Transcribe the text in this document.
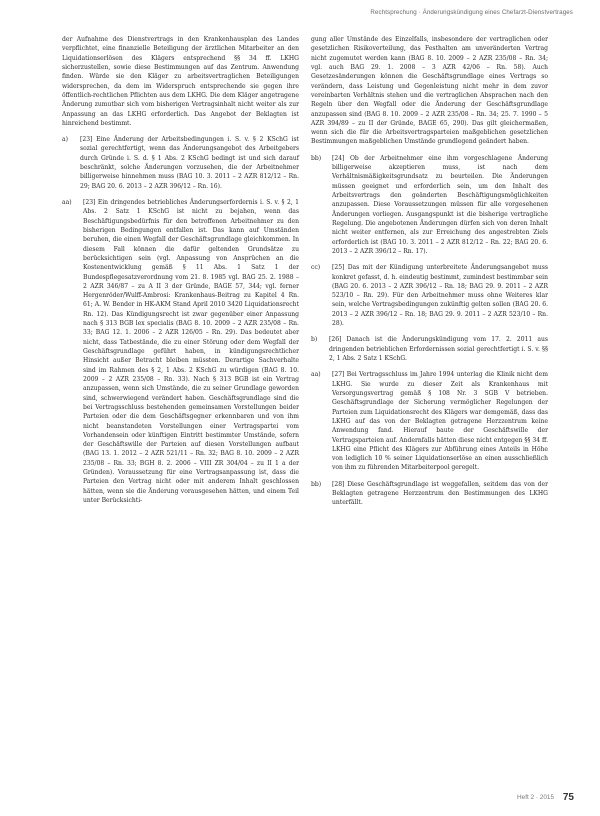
Rechtsprechung · Änderungskündigung eines Chefarzt-Dienstvertrages

der Aufnahme des Dienstvertrags in den Krankenhausplan des Landes verpflichtet, eine finanzielle Beteiligung der ärztlichen Mitarbeiter an den Liquidationserlösen des Klägers entsprechend §§ 34 ff. LKHG sicherzustellen, sowie diese Bestimmungen auf das Zentrum. Anwendung finden. Würde sie den Kläger zu arbeitsvertraglichen Beteiligungen widersprechen, da dem im Widerspruch entsprechende sie gegen ihre öffentlich-rechtlichen Pflichten aus dem LKHG. Die dem Kläger angetragene Änderung zumutbar sich vom bisherigen Vertragsinhalt nicht weiter als zur Anpassung an das LKHG erforderlich. Das Angebot der Beklagten ist hinreichend bestimmt.

a) [23] Eine Änderung der Arbeitsbedingungen i. S. v. § 2 KSchG ist sozial gerechtfertigt, wenn das Änderungsangebot des Arbeitgebers durch Gründe i. S. d. § 1 Abs. 2 KSchG bedingt ist und sich darauf beschränkt, solche Änderungen vorzusehen, die der Arbeitnehmer billigerweise hinnehmen muss (BAG 10. 3. 2011 – 2 AZR 812/12 – Rn. 29; BAG 20. 6. 2013 – 2 AZR 396/12 – Rn. 16).

aa) [23] Ein dringendes betriebliches Änderungserfordernis i. S. v. § 2, 1 Abs. 2 Satz 1 KSchG ist nicht zu bejahen, wenn das Beschäftigungsbedürfnis für den betroffenen Arbeitnehmer zu den bisherigen Bedingungen entfallen ist. Das kann auf Umständen beruhen, die einen Wegfall der Geschäftsgrundlage gleichkommen. In diesem Fall können die dafür geltenden Grundsätze zu berücksichtigen sein (vgl. Anpassung von Ansprüchen an die Kostenentwicklung gemäß § 11 Abs. 1 Satz 1 der Bundespflegesatzverordnung vom 21. 8. 1985 vgl. BAG 25. 2. 1988 – 2 AZR 346/87 – zu A II 3 der Gründe, BAGE 57, 344; vgl. ferner Hergenröder/Wulff-Ambrosi: Krankenhaus-Beitrag zu Kapitel 4 Rn. 61; A. W. Bender in HK-AKM Stand April 2010 3420 Liquidationsrecht Rn. 12). Das Kündigungsrecht ist zwar gegenüber einer Anpassung nach § 313 BGB lex specialis (BAG 8. 10. 2009 – 2 AZR 235/08 – Rn. 33; BAG 12. 1. 2006 – 2 AZR 126/05 – Rn. 29). Das bedeutet aber nicht, dass Tatbestände, die zu einer Störung oder dem Wegfall der Geschäftsgrundlage geführt haben, in kündigungsrechtlicher Hinsicht außer Betracht bleiben müssten. Derartige Sachverhalte sind im Rahmen des § 2, 1 Abs. 2 KSchG zu würdigen (BAG 8. 10. 2009 – 2 AZR 235/08 – Rn. 33). Nach § 313 BGB ist ein Vertrag anzupassen, wenn sich Umstände, die zu seiner Grundlage geworden sind, schwerwiegend verändert haben. Geschäftsgrundlage sind die bei Vertragsschluss bestehenden gemeinsamen Vorstellungen beider Parteien oder die dem Geschäftsgegner erkennbaren und von ihm nicht beanstandeten Vorstellungen einer Vertragspartei vom Vorhandensein oder künftigen Eintritt bestimmter Umstände, sofern der Geschäftswille der Parteien auf diesen Vorstellungen aufbaut (BAG 13. 1. 2012 – 2 AZR 521/11 – Rn. 32; BAG 8. 10. 2009 – 2 AZR 235/08 – Rn. 33; BGH 8. 2. 2006 – VIII ZR 304/04 – zu II 1 a der Gründen). Voraussetzung für eine Vertragsanpassung ist, dass die Parteien den Vertrag nicht oder mit anderem Inhalt geschlossen hätten, wenn sie die Änderung vorausgesehen hätten, und einem Teil unter Berücksichti-

gung aller Umstände des Einzelfalls, insbesondere der vertraglichen oder gesetzlichen Risikoverteilung, das Festhalten am unveränderten Vertrag nicht zugemutet werden kann (BAG 8. 10. 2009 – 2 AZR 235/08 – Rn. 34; vgl. auch BAG 29. 1. 2008 – 3 AZR 42/06 – Rn. 58). Auch Gesetzesänderungen können die Geschäftsgrundlage eines Vertrags so verändern, dass Leistung und Gegenleistung nicht mehr in dem zuvor vereinbarten Verhältnis stehen und die vertraglichen Absprachen nach den Regeln über den Wegfall oder die Änderung der Geschäftsgrundlage anzupassen sind (BAG 8. 10. 2009 – 2 AZR 235/08 – Rn. 34; 25. 7. 1990 – 5 AZR 394/89 – zu II der Gründe, BAGE 65, 290). Das gilt gleichermaßen, wenn sich die für die Arbeitsvertragsparteien maßgeblichen gesetzlichen Bestimmungen maßgeblichen Umstände grundlegend geändert haben.

bb) [24] Ob der Arbeitnehmer eine ihm vorgeschlagene Änderung billigerweise akzeptieren muss, ist nach dem Verhältnismäßigkeitsgrundsatz zu beurteilen. Die Änderungen müssen geeignet und erforderlich sein, um den Inhalt des Arbeitsvertrags den geänderten Beschäftigungsmöglichkeiten anzupassen. Diese Voraussetzungen müssen für alle vorgesehenen Änderungen vorliegen. Ausgangspunkt ist die bisherige vertragliche Regelung. Die angebotenen Änderungen dürfen sich von deren Inhalt nicht weiter entfernen, als zur Erreichung des angestrebten Ziels erforderlich ist (BAG 10. 3. 2011 – 2 AZR 812/12 – Rn. 22; BAG 20. 6. 2013 – 2 AZR 396/12 – Rn. 17).

cc) [25] Das mit der Kündigung unterbreitete Änderungsangebot muss konkret gefasst, d. h. eindeutig bestimmt, zumindest bestimmbar sein (BAG 20. 6. 2013 – 2 AZR 396/12 – Rn. 18; BAG 29. 9. 2011 – 2 AZR 523/10 – Rn. 29). Für den Arbeitnehmer muss ohne Weiteres klar sein, welche Vertragsbedingungen zukünftig gelten sollen (BAG 20. 6. 2013 – 2 AZR 396/12 – Rn. 18; BAG 29. 9. 2011 – 2 AZR 523/10 – Rn. 28).

b) [26] Danach ist die Änderungskündigung vom 17. 2. 2011 aus dringenden betrieblichen Erfordernissen sozial gerechtfertigt i. S. v. §§ 2, 1 Abs. 2 Satz 1 KSchG.

aa) [27] Bei Vertragsschluss im Jahre 1994 unterlag die Klinik nicht dem LKHG. Sie wurde zu dieser Zeit als Krankenhaus mit Versorgungsvertrag gemäß § 108 Nr. 3 SGB V betrieben. Geschäftsgrundlage der Sicherung vermöglicher Regelungen der Parteien zum Liquidationsrecht des Klägers war demgemäß, dass das LKHG auf das von der Beklagten getragene Herzzentrum keine Anwendung fand. Hierauf baute der Geschäftswille der Vertragsparteien auf. Andernfalls hätten diese nicht entgegen §§ 34 ff. LKHG eine Pflicht des Klägers zur Abführung eines Anteils in Höhe von lediglich 10 % seiner Liquidationserlöse an einen ausschließlich von ihm zu führenden Mitarbeiterpool geregelt.

bb) [28] Diese Geschäftsgrundlage ist weggefallen, seitdem das von der Beklagten getragene Herzzentrum den Bestimmungen des LKHG unterfällt.

Heft 2 · 2015 75
